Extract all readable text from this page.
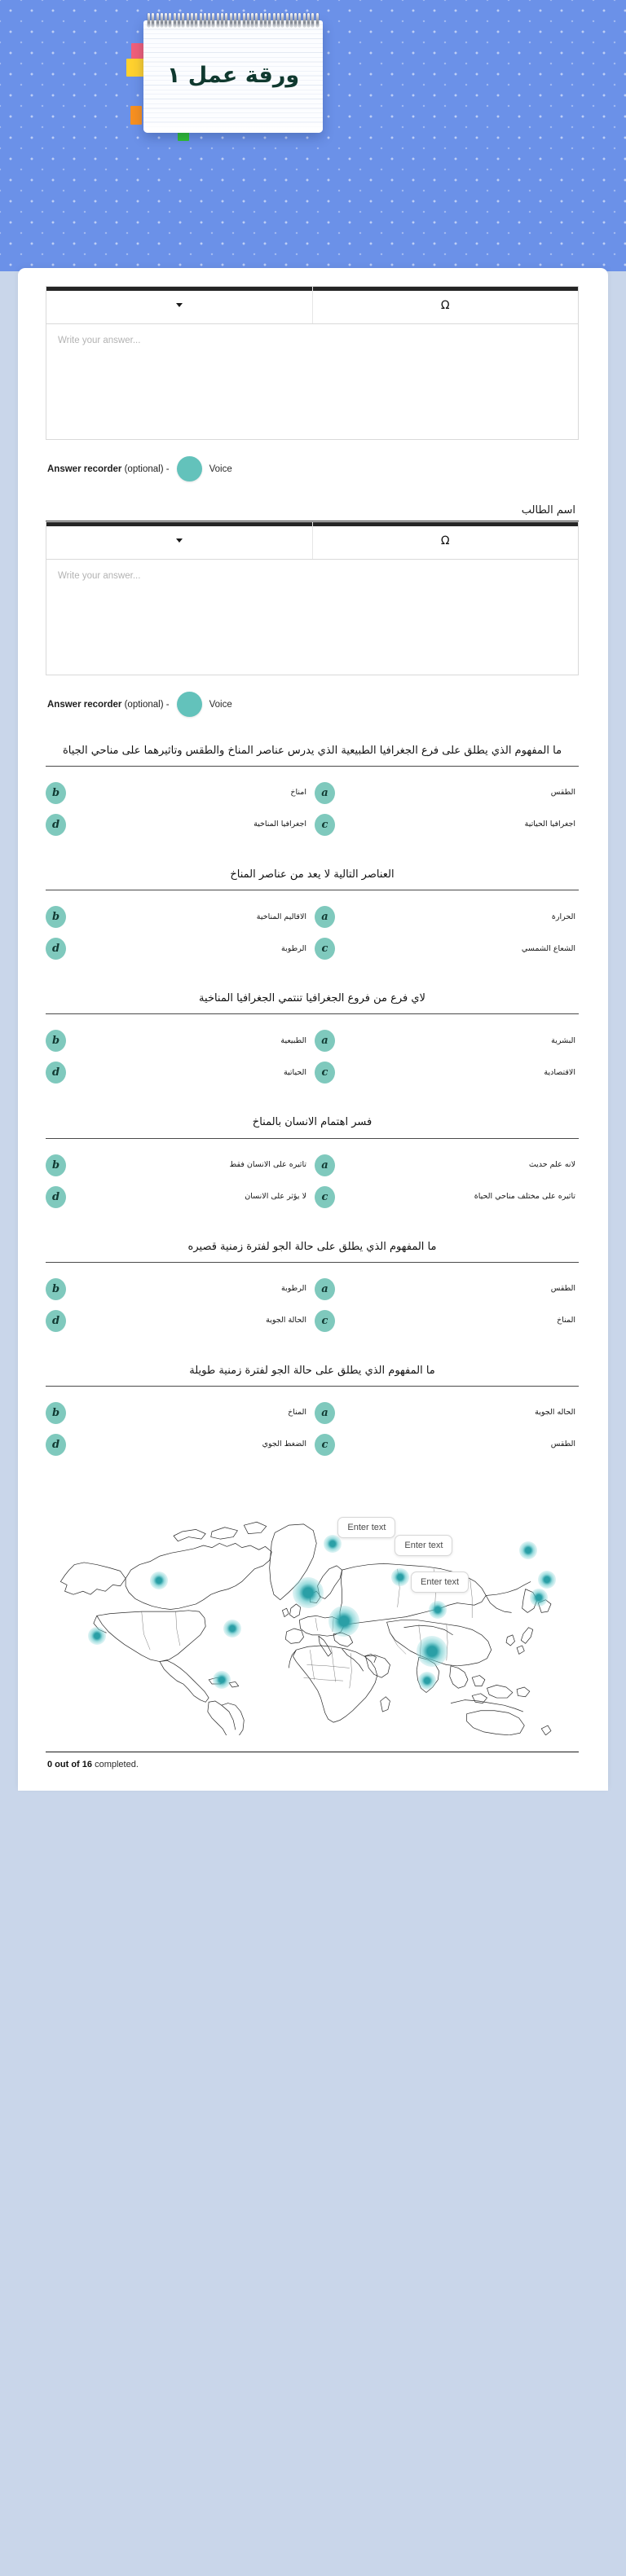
ورقة عمل ١
Ω
Write your answer...
Answer recorder (optional) -	Voice
اسم الطالب
Ω
Write your answer...
Answer recorder (optional) -	Voice
ما المفهوم الذي يطلق على فرع الجغرافيا الطبيعية الذي يدرس عناصر المناخ والطقس وتاثيرهما على مناحي الجياة
b	امناخ	a	الطقس
d	اجغرافيا المناخية	c	اجغرافيا الحياتية
العناصر التالية لا يعد من عناصر المناخ
b	الاقاليم المناخية	a	الحرارة
d	الرطوبة	c	الشعاع الشمسي
لاي فرع من فروع الجغرافيا تنتمي الجغرافيا المناخية
b	الطبيعية	a	البشرية
d	الحياتية	c	الاقتصادية
فسر اهتمام الانسان بالمناخ
b	تاثيره على الانسان فقط	a	لانه علم حديث
d	لا يؤثر على الانسان	c	تاثيره على مختلف مناحي الحياة
ما المفهوم الذي يطلق على حالة الجو لفترة زمنية قصيره
b	الرطوبة	a	الطقس
d	الحالة الجوية	c	المناخ
ما المفهوم الذي يطلق على حالة الجو لفترة زمنية طويلة
b	المناخ	a	الحاله الجوية
d	الضغط الجوي	c	الطقس
Enter text
Enter text
Enter text
0 out of 16 completed.
